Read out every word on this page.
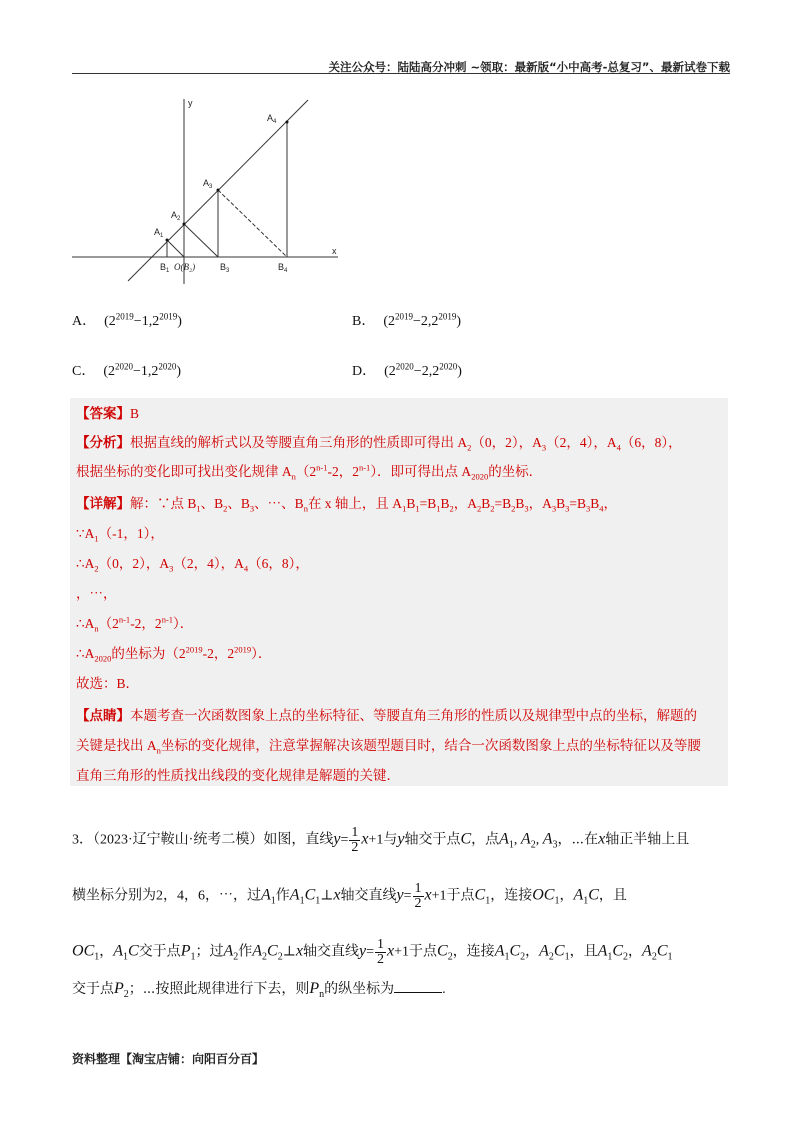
关注公众号：陆陆高分冲刺 ~领取：最新版“小中高考-总复习”、最新试卷下载
y
x
$A_1$
$A_2$
$A_3$
$A_4$
$B_1$ O(B₂)	$B_3$	$B_4$
A． $(2^{2019}-1,2^{2019})$	B． $(2^{2019}-2,2^{2019})$
C． $(2^{2020}-1,2^{2020})$	D． $(2^{2020}-2,2^{2020})$
【答案】B
【分析】根据直线的解析式以及等腰直角三角形的性质即可得出 $A_2(0$，2），$A_3(2$，4），$A_4(6$，8），
根据坐标的变化即可找出变化规律 $A_n(2^{n-1}-2$，2$^{n-1}$）．即可得出点 $A_{2020}$的坐标．
【详解】解：∵点 $B_1$、$B_2$、$B_3$、⋯、$B_n$在 x 轴上，且 $A_1B_1=B_1B_2$，$A_2B_2=B_2B_3$，$A_3B_3=B_3B_4$，
$\because A_1(-1$，1），
$\therefore A_2(0$，2），$A_3(2$，4），$A_4(6$，8），
，⋯，
$\therefore A_n(2^{n-1}-2$，2$^{n-1}$）．
$\therefore A_{2020}$的坐标为（$2^{2019}-2$，$2^{2019}$）．
故选：B．
【点睛】本题考查一次函数图象上点的坐标特征、等腰直角三角形的性质以及规律型中点的坐标，解题的
关键是找出 $A_n$坐标的变化规律，注意掌握解决该题型题目时，结合一次函数图象上点的坐标特征以及等腰
直角三角形的性质找出线段的变化规律是解题的关键．
3．（2023·辽宁鞍山·统考二模）如图，直线$y= \frac{1}{2} x+1$与y轴交于点C，点$A_1$, $A_2$, $A_3$，⋯在x轴正半轴上且
横坐标分别为2，4，6，⋯，过$A_1$作$A_1C_1\perp x$轴交直线$y= \frac{1}{2} x+1$于点$C_1$，连接$OC_1$，$A_1C$，且
$OC_1$，$A_1C$交于点$P_1$；过$A_2$作$A_2C_2\perp x$轴交直线$y= \frac{1}{2} x+1$于点$C_2$，连接$A_1C_2$，$A_2C_1$，且$A_1C_2$，$A_2C_1$
交于点$P_2$；⋯按照此规律进行下去，则$P_n$的纵坐标为	.
资料整理【淘宝店铺：向阳百分百】
